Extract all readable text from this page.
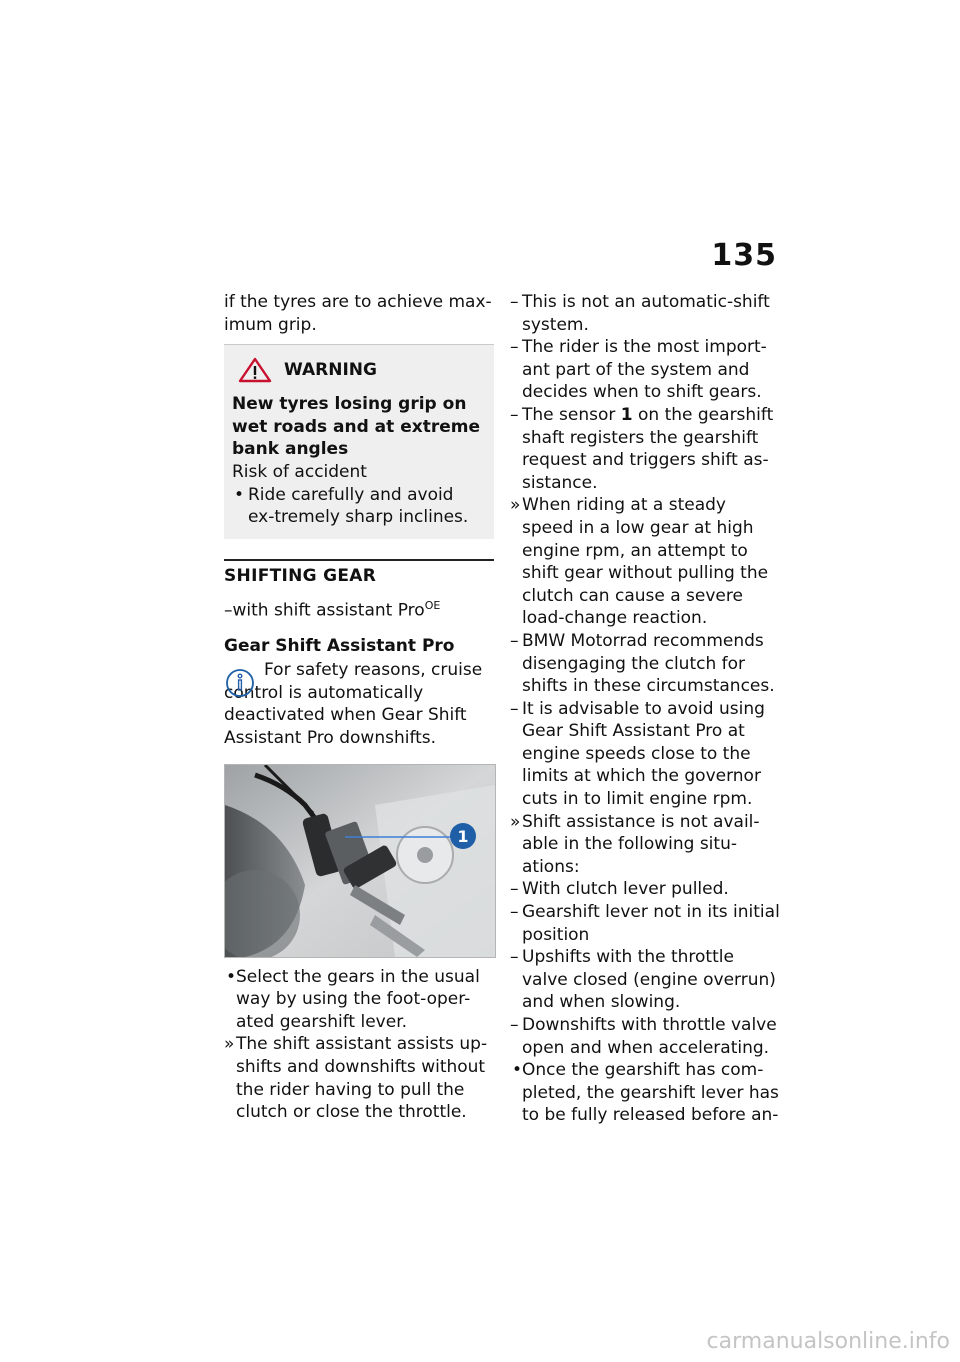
135

if the tyres are to achieve max-imum grip.

WARNING
New tyres losing grip on wet roads and at extreme bank angles
Risk of accident
• Ride carefully and avoid ex-tremely sharp inclines.
SHIFTING GEAR
–with shift assistant Pro$^{OE}$
Gear Shift Assistant Pro
For safety reasons, cruise control is automatically deactivated when Gear Shift Assistant Pro downshifts.
1
• Select the gears in the usual way by using the foot-oper-ated gearshift lever.
» The shift assistant assists up-shifts and downshifts without the rider having to pull the clutch or close the throttle.
– This is not an automatic-shift system.
– The rider is the most import-ant part of the system and decides when to shift gears.
– The sensor 1 on the gearshift shaft registers the gearshift request and triggers shift as-sistance.
» When riding at a steady speed in a low gear at high engine rpm, an attempt to shift gear without pulling the clutch can cause a severe load-change reaction.
– BMW Motorrad recommends disengaging the clutch for shifts in these circumstances.
– It is advisable to avoid using Gear Shift Assistant Pro at engine speeds close to the limits at which the governor cuts in to limit engine rpm.
» Shift assistance is not avail-able in the following situ-ations:
– With clutch lever pulled.
– Gearshift lever not in its initial position
– Upshifts with the throttle valve closed (engine overrun) and when slowing.
– Downshifts with throttle valve open and when accelerating.
• Once the gearshift has com-pleted, the gearshift lever has to be fully released before an-
carmanualsonline.info
